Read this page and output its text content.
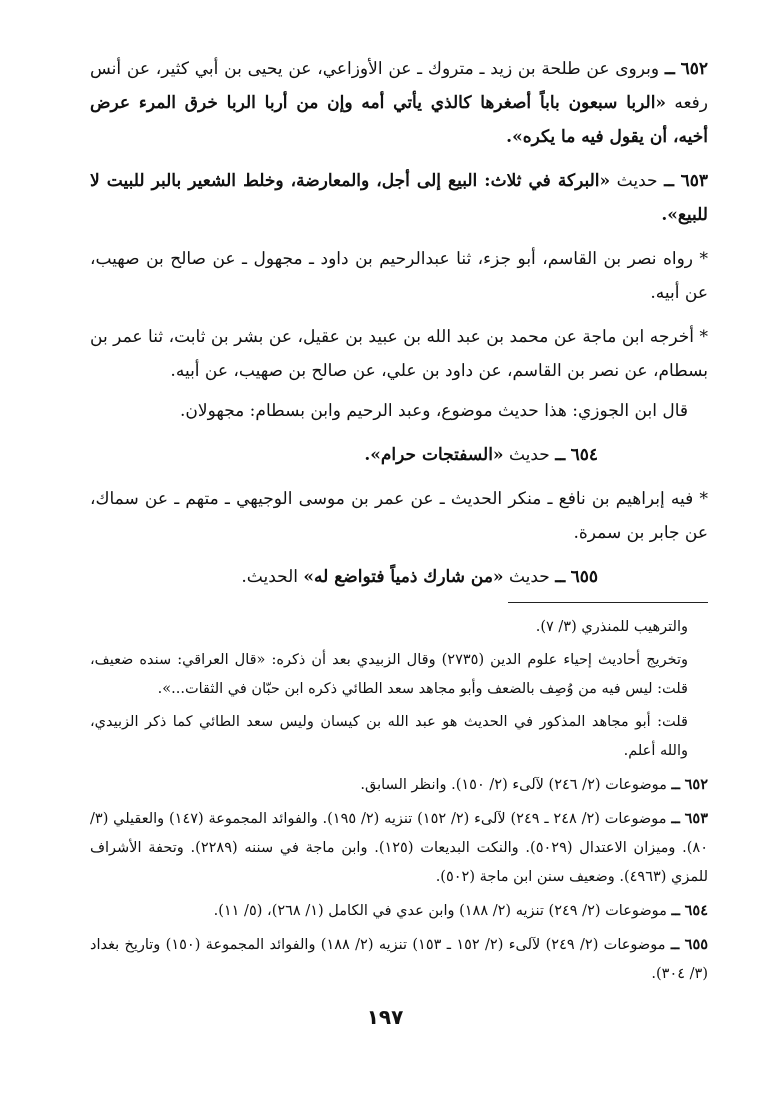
٦٥٢ ــ وبروى عن طلحة بن زيد ـ متروك ـ عن الأوزاعي، عن يحيى بن أبي كثير، عن أنس رفعه «الربا سبعون باباً أصغرها كالذي يأتي أمه وإن من أربا الربا خرق المرء عرض أخيه، أن يقول فيه ما يكره».

٦٥٣ ــ حديث «البركة في ثلاث: البيع إلى أجل، والمعارضة، وخلط الشعير بالبر للبيت لا للبيع».

* رواه نصر بن القاسم، أبو جزء، ثنا عبدالرحيم بن داود ـ مجهول ـ عن صالح بن صهيب، عن أبيه.

* أخرجه ابن ماجة عن محمد بن عبد الله بن عبيد بن عقيل، عن بشر بن ثابت، ثنا عمر بن بسطام، عن نصر بن القاسم، عن داود بن علي، عن صالح بن صهيب، عن أبيه.

قال ابن الجوزي: هذا حديث موضوع، وعبد الرحيم وابن بسطام: مجهولان.

٦٥٤ ــ حديث «السفتجات حرام».

* فيه إبراهيم بن نافع ـ منكر الحديث ـ عن عمر بن موسى الوجيهي ـ متهم ـ عن سماك، عن جابر بن سمرة.

٦٥٥ ــ حديث «من شارك ذمياً فتواضع له» الحديث.

والترهيب للمنذري (٣/ ٧).

وتخريج أحاديث إحياء علوم الدين (٢٧٣٥) وقال الزبيدي بعد أن ذكره: «قال العراقي: سنده ضعيف، قلت: ليس فيه من وُصِف بالضعف وأبو مجاهد سعد الطائي ذكره ابن حبّان في الثقات...».

قلت: أبو مجاهد المذكور في الحديث هو عبد الله بن كيسان وليس سعد الطائي كما ذكر الزبيدي، والله أعلم.

٦٥٢ ــ موضوعات (٢/ ٢٤٦) لآلىء (٢/ ١٥٠). وانظر السابق.

٦٥٣ ــ موضوعات (٢/ ٢٤٨ ـ ٢٤٩) لآلىء (٢/ ١٥٢) تنزيه (٢/ ١٩٥). والفوائد المجموعة (١٤٧) والعقيلي (٣/ ٨٠). وميزان الاعتدال (٥٠٢٩). والنكت البديعات (١٢٥). وابن ماجة في سننه (٢٢٨٩). وتحفة الأشراف للمزي (٤٩٦٣). وضعيف سنن ابن ماجة (٥٠٢).

٦٥٤ ــ موضوعات (٢/ ٢٤٩) تنزيه (٢/ ١٨٨) وابن عدي في الكامل (١/ ٢٦٨)، (٥/ ١١).

٦٥٥ ــ موضوعات (٢/ ٢٤٩) لآلىء (٢/ ١٥٢ ـ ١٥٣) تنزيه (٢/ ١٨٨) والفوائد المجموعة (١٥٠) وتاريخ بغداد (٣/ ٣٠٤).

١٩٧
